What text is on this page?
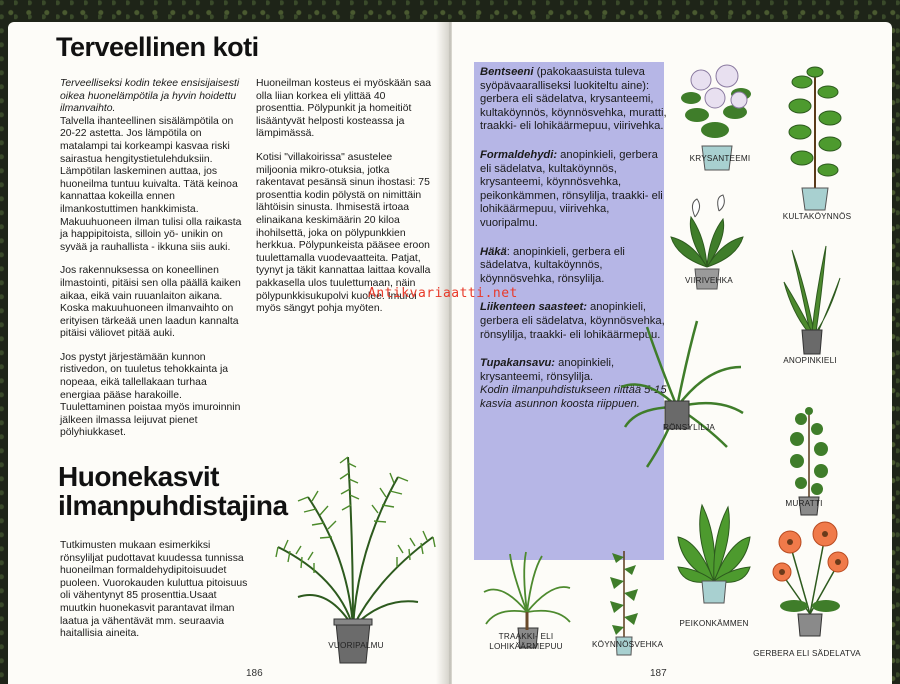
Terveellinen koti

Terveelliseksi kodin tekee ensisijaisesti oikea huonelämpötila ja hyvin hoidettu ilmanvaihto.

Talvella ihanteellinen sisälämpötila on 20-22 astetta. Jos lämpötila on matalampi tai korkeampi kasvaa riski sairastua hengitystietulehduksiin. Lämpötilan laskeminen auttaa, jos huoneilma tuntuu kuivalta. Tätä keinoa kannattaa kokeilla ennen ilmankostuttimen hankkimista. Makuuhuoneen ilman tulisi olla raikasta ja happipitoista, silloin yö- unikin on syvää ja rauhallista - ikkuna siis auki.

Jos rakennuksessa on koneellinen ilmastointi, pitäisi sen olla päällä kaiken aikaa, eikä vain ruuanlaiton aikana. Koska makuuhuoneen ilmanvaihto on erityisen tärkeää unen laadun kannalta pitäisi väliovet pitää auki.

Jos pystyt järjestämään kunnon ristivedon, on tuuletus tehokkainta ja nopeaa, eikä tallellakaan turhaa energiaa pääse harakoille. Tuulettaminen poistaa myös imuroinnin jälkeen ilmassa leijuvat pienet pölyhiukkaset.

Huoneilman kosteus ei myöskään saa olla liian korkea eli ylittää 40 prosenttia. Pölypunkit ja homeitiöt lisääntyvät helposti kosteassa ja lämpimässä.

Kotisi "villakoirissa" asustelee miljoonia mikro-otuksia, jotka rakentavat pesänsä sinun ihostasi: 75 prosenttia kodin pölystä on nimittäin lähtöisin sinusta. Ihmisestä irtoaa elinaikana keskimäärin 20 kiloa ihohilsettä, joka on pölypunkkien herkkua. Pölypunkeista pääsee eroon tuulettamalla vuodevaatteita. Patjat, tyynyt ja täkit kannattaa laittaa kovalla pakkasella ulos tuulettumaan, näin pölypunkkisukupolvi kuolee. Imuroi myös sängyt pohja myöten.

Huonekasvit
ilmanpuhdistajina

Tutkimusten mukaan esimerkiksi rönsyliljat pudottavat kuudessa tunnissa huoneilman formaldehydipitoisuudet puoleen. Vuorokauden kuluttua pitoisuus oli vähentynyt 85 prosenttia.Usaat muutkin huonekasvit parantavat ilman laatua ja vähentävät mm. seuraavia haitallisia aineita.

VUORIPALMU
186

Bentseeni (pakokaasuista tuleva syöpävaaralliseksi luokiteltu aine): gerbera eli sädelatva, krysanteemi, kultaköynnös, köynnösvehka, muratti, traakki- eli lohikäärmepuu, viirivehka.

Formaldehydi: anopinkieli, gerbera eli sädelatva, kultaköynnös, krysanteemi, köynnösvehka, peikonkämmen, rönsylilja, traakki- eli lohikäärmepuu, viirivehka, vuoripalmu.

Häkä: anopinkieli, gerbera eli sädelatva, kultaköynnös, köynnösvehka, rönsylilja.

Liikenteen saasteet: anopinkieli, gerbera eli sädelatva, köynnösvehka, rönsylilja, traakki- eli lohikäärmepuu.

Tupakansavu: anopinkieli, krysanteemi, rönsylilja.

Kodin ilmanpuhdistukseen riittää 5-15 kasvia asunnon koosta riippuen.

KRYSANTEEMI
KULTAKÖYNNÖS
VIIRIVEHKA
ANOPINKIELI
RÖNSYLILJA
MURATTI
TRAAKKI- ELI LOHIKÄÄRMEPUU	KÖYNNÖSVEHKA
PEIKONKÄMMEN
GERBERA ELI SÄDELATVA
187
Antikvariaatti.net
